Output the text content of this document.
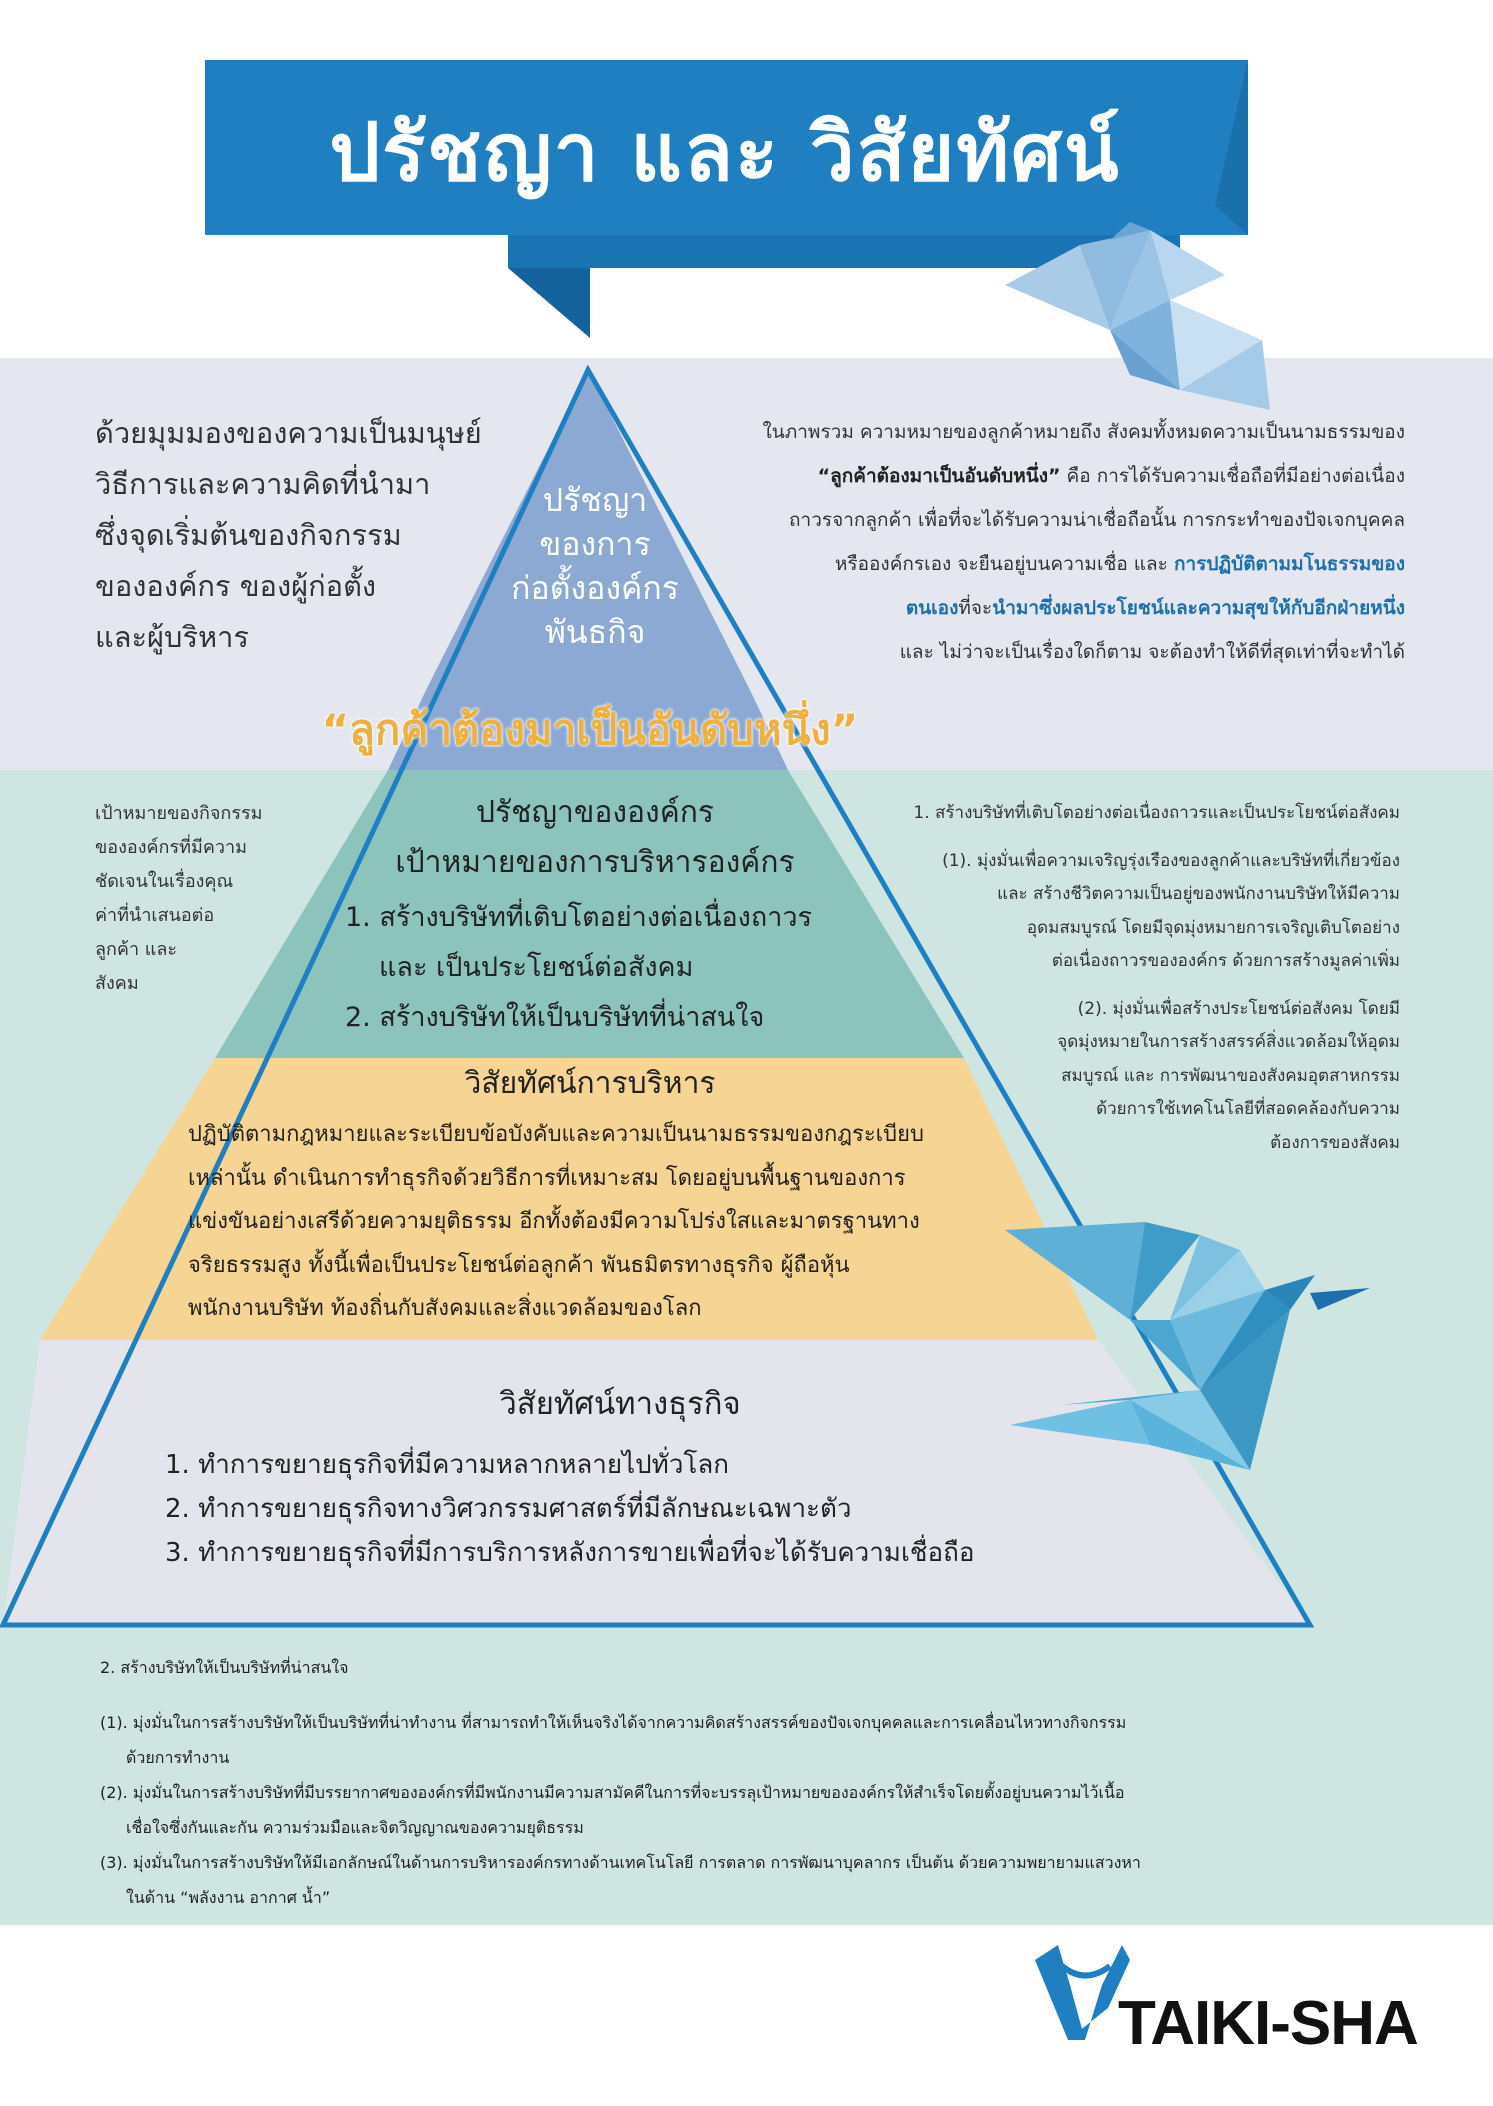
ปรัชญา และ วิสัยทัศน์
ด้วยมุมมองของความเป็นมนุษย์
วิธีการและความคิดที่นำมา
ซึ่งจุดเริ่มต้นของกิจกรรม
ขององค์กร ของผู้ก่อตั้ง
และผู้บริหาร
ในภาพรวม ความหมายของลูกค้าหมายถึง สังคมทั้งหมดความเป็นนามธรรมของ
“ลูกค้าต้องมาเป็นอันดับหนึ่ง” คือ การได้รับความเชื่อถือที่มีอย่างต่อเนื่อง
ถาวรจากลูกค้า เพื่อที่จะได้รับความน่าเชื่อถือนั้น การกระทำของปัจเจกบุคคล
หรือองค์กรเอง จะยืนอยู่บนความเชื่อ และ การปฏิบัติตามมโนธรรมของ
ตนเองที่จะนำมาซึ่งผลประโยชน์และความสุขให้กับอีกฝ่ายหนึ่ง
และ ไม่ว่าจะเป็นเรื่องใดก็ตาม จะต้องทำให้ดีที่สุดเท่าที่จะทำได้
ปรัชญา
ของการ
ก่อตั้งองค์กร
พันธกิจ
“ลูกค้าต้องมาเป็นอันดับหนึ่ง”
ปรัชญาขององค์กร
เป้าหมายของการบริหารองค์กร
1. สร้างบริษัทที่เติบโตอย่างต่อเนื่องถาวร
และ เป็นประโยชน์ต่อสังคม
2. สร้างบริษัทให้เป็นบริษัทที่น่าสนใจ
เป้าหมายของกิจกรรม
ขององค์กรที่มีความ
ชัดเจนในเรื่องคุณ
ค่าที่นำเสนอต่อ
ลูกค้า และ
สังคม

1. สร้างบริษัทที่เติบโตอย่างต่อเนื่องถาวรและเป็นประโยชน์ต่อสังคม

(1). มุ่งมั่นเพื่อความเจริญรุ่งเรืองของลูกค้าและบริษัทที่เกี่ยวข้อง
และ สร้างชีวิตความเป็นอยู่ของพนักงานบริษัทให้มีความ
อุดมสมบูรณ์ โดยมีจุดมุ่งหมายการเจริญเติบโตอย่าง
ต่อเนื่องถาวรขององค์กร ด้วยการสร้างมูลค่าเพิ่ม

(2). มุ่งมั่นเพื่อสร้างประโยชน์ต่อสังคม โดยมี
จุดมุ่งหมายในการสร้างสรรค์สิ่งแวดล้อมให้อุดม
สมบูรณ์ และ การพัฒนาของสังคมอุตสาหกรรม
ด้วยการใช้เทคโนโลยีที่สอดคล้องกับความ
ต้องการของสังคม

วิสัยทัศน์การบริหาร
ปฏิบัติตามกฎหมายและระเบียบข้อบังคับและความเป็นนามธรรมของกฎระเบียบ
เหล่านั้น ดำเนินการทำธุรกิจด้วยวิธีการที่เหมาะสม โดยอยู่บนพื้นฐานของการ
แข่งขันอย่างเสรีด้วยความยุติธรรม อีกทั้งต้องมีความโปร่งใสและมาตรฐานทาง
จริยธรรมสูง ทั้งนี้เพื่อเป็นประโยชน์ต่อลูกค้า พันธมิตรทางธุรกิจ ผู้ถือหุ้น
พนักงานบริษัท ท้องถิ่นกับสังคมและสิ่งแวดล้อมของโลก
วิสัยทัศน์ทางธุรกิจ
1. ทำการขยายธุรกิจที่มีความหลากหลายไปทั่วโลก
2. ทำการขยายธุรกิจทางวิศวกรรมศาสตร์ที่มีลักษณะเฉพาะตัว
3. ทำการขยายธุรกิจที่มีการบริการหลังการขายเพื่อที่จะได้รับความเชื่อถือ

2. สร้างบริษัทให้เป็นบริษัทที่น่าสนใจ

(1). มุ่งมั่นในการสร้างบริษัทให้เป็นบริษัทที่น่าทำงาน ที่สามารถทำให้เห็นจริงได้จากความคิดสร้างสรรค์ของปัจเจกบุคคลและการเคลื่อนไหวทางกิจกรรม

ด้วยการทำงาน

(2). มุ่งมั่นในการสร้างบริษัทที่มีบรรยากาศขององค์กรที่มีพนักงานมีความสามัคคีในการที่จะบรรลุเป้าหมายขององค์กรให้สำเร็จโดยตั้งอยู่บนความไว้เนื้อ

เชื่อใจซึ่งกันและกัน ความร่วมมือและจิตวิญญาณของความยุติธรรม

(3). มุ่งมั่นในการสร้างบริษัทให้มีเอกลักษณ์ในด้านการบริหารองค์กรทางด้านเทคโนโลยี การตลาด การพัฒนาบุคลากร เป็นต้น ด้วยความพยายามแสวงหา

ในด้าน “พลังงาน อากาศ น้ำ”

TAIKI-SHA
